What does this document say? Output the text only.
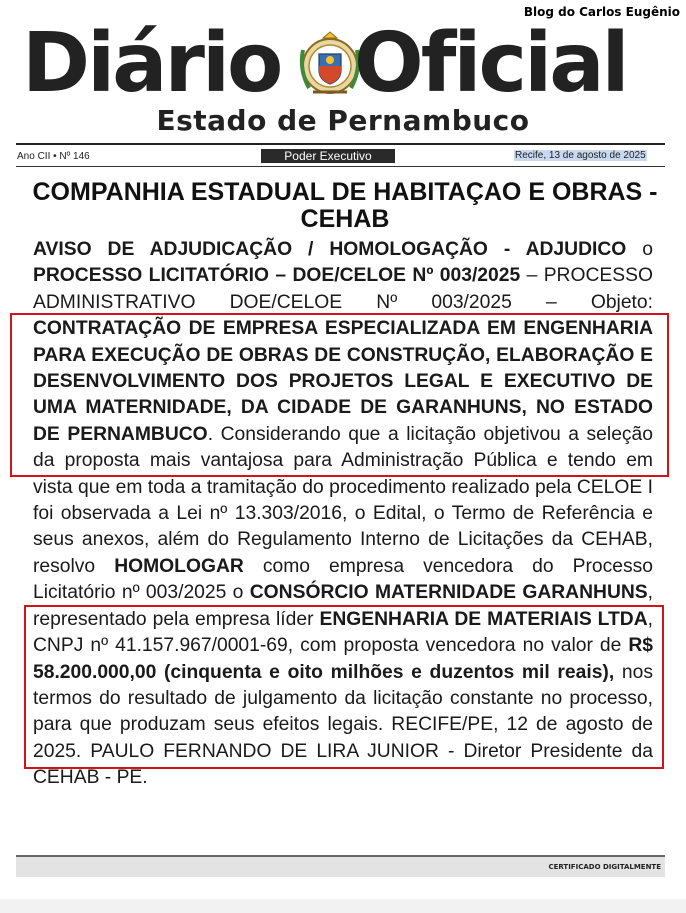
Blog do Carlos Eugênio
Diário Oficial
Estado de Pernambuco
Ano CII • Nº 146	Poder Executivo	Recife, 13 de agosto de 2025
COMPANHIA ESTADUAL DE HABITAÇAO E OBRAS - CEHAB

AVISO DE ADJUDICAÇÃO / HOMOLOGAÇÃO - ADJUDICO o PROCESSO LICITATÓRIO – DOE/CELOE Nº 003/2025 – PROCESSO ADMINISTRATIVO DOE/CELOE Nº 003/2025 – Objeto: CONTRATAÇÃO DE EMPRESA ESPECIALIZADA EM ENGENHARIA PARA EXECUÇÃO DE OBRAS DE CONSTRUÇÃO, ELABORAÇÃO E DESENVOLVIMENTO DOS PROJETOS LEGAL E EXECUTIVO DE UMA MATERNIDADE, DA CIDADE DE GARANHUNS, NO ESTADO DE PERNAMBUCO. Considerando que a licitação objetivou a seleção da proposta mais vantajosa para Administração Pública e tendo em vista que em toda a tramitação do procedimento realizado pela CELOE I foi observada a Lei nº 13.303/2016, o Edital, o Termo de Referência e seus anexos, além do Regulamento Interno de Licitações da CEHAB, resolvo HOMOLOGAR como empresa vencedora do Processo Licitatório nº 003/2025 o CONSÓRCIO MATERNIDADE GARANHUNS, representado pela empresa líder ENGENHARIA DE MATERIAIS LTDA, CNPJ nº 41.157.967/0001-69, com proposta vencedora no valor de R$ 58.200.000,00 (cinquenta e oito milhões e duzentos mil reais), nos termos do resultado de julgamento da licitação constante no processo, para que produzam seus efeitos legais. RECIFE/PE, 12 de agosto de 2025. PAULO FERNANDO DE LIRA JUNIOR - Diretor Presidente da CEHAB - PE.

CERTIFICADO DIGITALMENTE
